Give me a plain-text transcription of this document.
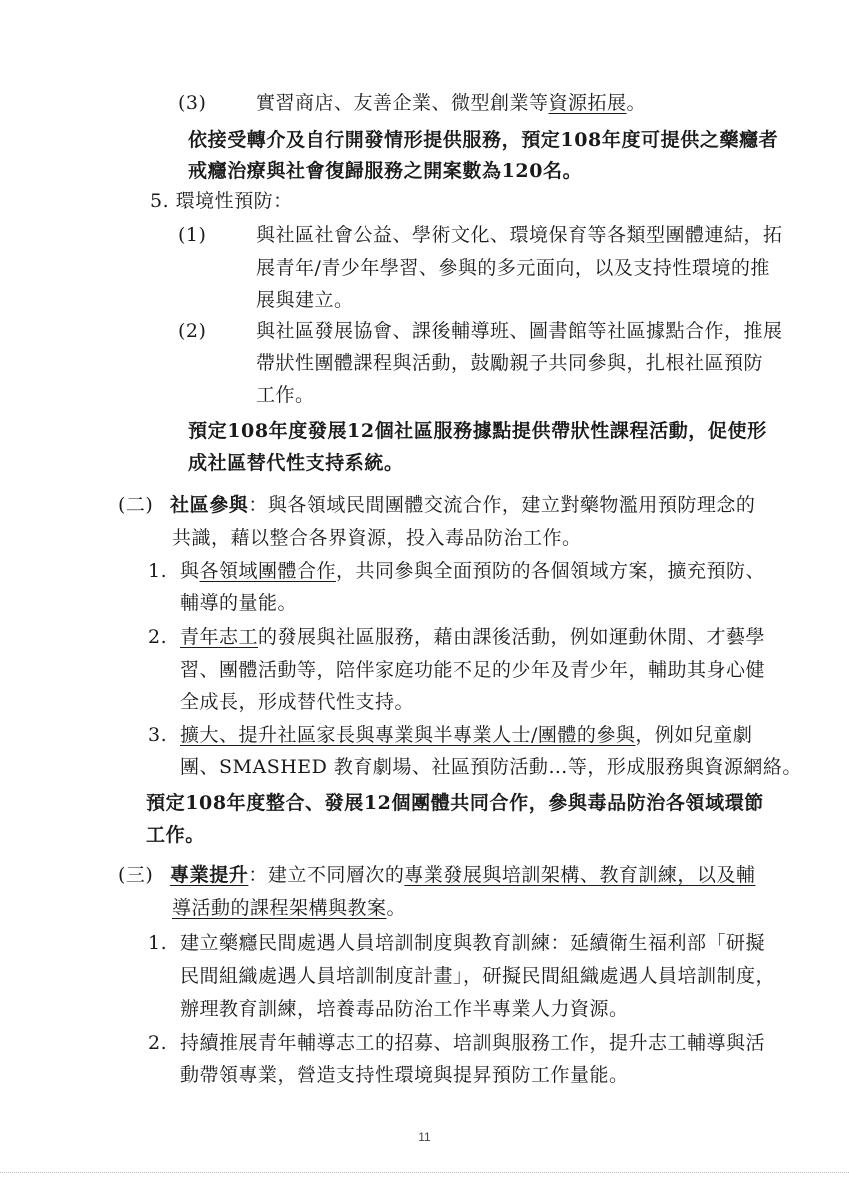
(3)	實習商店、友善企業、微型創業等資源拓展。
依接受轉介及自行開發情形提供服務，預定108年度可提供之藥癮者
戒癮治療與社會復歸服務之開案數為120名。
5. 環境性預防：
(1)	與社區社會公益、學術文化、環境保育等各類型團體連結，拓
展青年/青少年學習、參與的多元面向，以及支持性環境的推
展與建立。
(2)	與社區發展協會、課後輔導班、圖書館等社區據點合作，推展
帶狀性團體課程與活動，鼓勵親子共同參與，扎根社區預防
工作。
預定108年度發展12個社區服務據點提供帶狀性課程活動，促使形
成社區替代性支持系統。
(二) 社區參與：與各領域民間團體交流合作，建立對藥物濫用預防理念的
共識，藉以整合各界資源，投入毒品防治工作。
1. 與各領域團體合作，共同參與全面預防的各個領域方案，擴充預防、
輔導的量能。
2. 青年志工的發展與社區服務，藉由課後活動，例如運動休閒、才藝學
習、團體活動等，陪伴家庭功能不足的少年及青少年，輔助其身心健
全成長，形成替代性支持。
3. 擴大、提升社區家長與專業與半專業人士/團體的參與，例如兒童劇
團、SMASHED 教育劇場、社區預防活動…等，形成服務與資源網絡。
預定108年度整合、發展12個團體共同合作，參與毒品防治各領域環節
工作。
(三) 專業提升：建立不同層次的專業發展與培訓架構、教育訓練，以及輔
導活動的課程架構與教案。
1. 建立藥癮民間處遇人員培訓制度與教育訓練：延續衛生福利部「研擬
民間組織處遇人員培訓制度計畫」，研擬民間組織處遇人員培訓制度，
辦理教育訓練，培養毒品防治工作半專業人力資源。
2. 持續推展青年輔導志工的招募、培訓與服務工作，提升志工輔導與活
動帶領專業，營造支持性環境與提昇預防工作量能。
11
